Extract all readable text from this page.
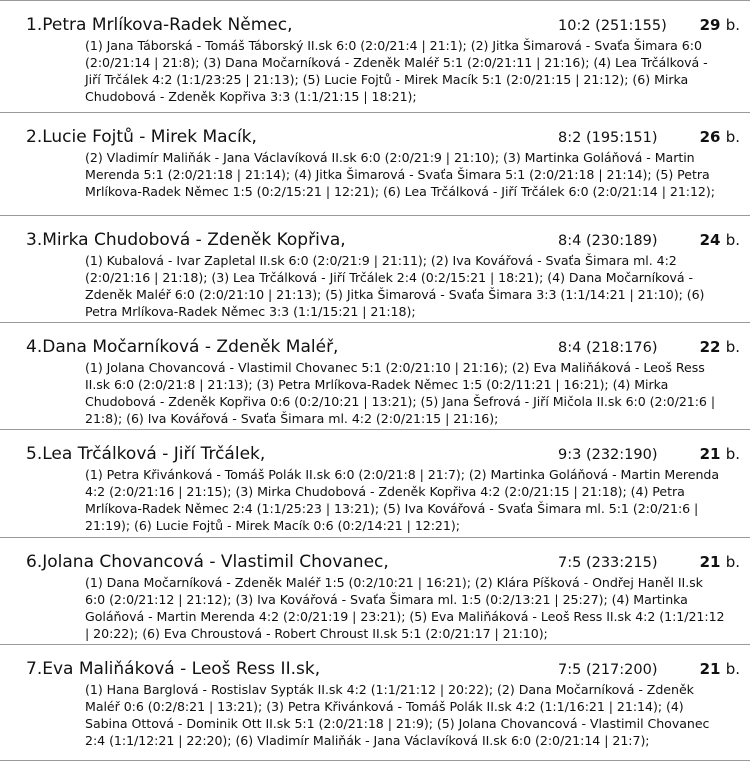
1. Petra Mrlíkova-Radek Němec,	10:2 (251:155)	29 b.
(1) Jana Táborská - Tomáš Táborský II.sk 6:0 (2:0/21:4 | 21:1); (2) Jitka Šimarová - Svaťa Šimara 6:0 (2:0/21:14 | 21:8); (3) Dana Močarníková - Zdeněk Maléř 5:1 (2:0/21:11 | 21:16); (4) Lea Trčálková - Jiří Trčálek 4:2 (1:1/23:25 | 21:13); (5) Lucie Fojtů - Mirek Macík 5:1 (2:0/21:15 | 21:12); (6) Mirka Chudobová - Zdeněk Kopřiva 3:3 (1:1/21:15 | 18:21);
2. Lucie Fojtů - Mirek Macík,	8:2 (195:151)	26 b.
(2) Vladimír Maliňák - Jana Václavíková II.sk 6:0 (2:0/21:9 | 21:10); (3) Martinka Goláňová - Martin Merenda 5:1 (2:0/21:18 | 21:14); (4) Jitka Šimarová - Svaťa Šimara 5:1 (2:0/21:18 | 21:14); (5) Petra Mrlíkova-Radek Němec 1:5 (0:2/15:21 | 12:21); (6) Lea Trčálková - Jiří Trčálek 6:0 (2:0/21:14 | 21:12);
3. Mirka Chudobová - Zdeněk Kopřiva,	8:4 (230:189)	24 b.
(1) Kubalová - Ivar Zapletal II.sk 6:0 (2:0/21:9 | 21:11); (2) Iva Kovářová - Svaťa Šimara ml. 4:2 (2:0/21:16 | 21:18); (3) Lea Trčálková - Jiří Trčálek 2:4 (0:2/15:21 | 18:21); (4) Dana Močarníková - Zdeněk Maléř 6:0 (2:0/21:10 | 21:13); (5) Jitka Šimarová - Svaťa Šimara 3:3 (1:1/14:21 | 21:10); (6) Petra Mrlíkova-Radek Němec 3:3 (1:1/15:21 | 21:18);
4. Dana Močarníková - Zdeněk Maléř,	8:4 (218:176)	22 b.
(1) Jolana Chovancová - Vlastimil Chovanec 5:1 (2:0/21:10 | 21:16); (2) Eva Maliňáková - Leoš Ress II.sk 6:0 (2:0/21:8 | 21:13); (3) Petra Mrlíkova-Radek Němec 1:5 (0:2/11:21 | 16:21); (4) Mirka Chudobová - Zdeněk Kopřiva 0:6 (0:2/10:21 | 13:21); (5) Jana Šefrová - Jiří Mičola II.sk 6:0 (2:0/21:6 | 21:8); (6) Iva Kovářová - Svaťa Šimara ml. 4:2 (2:0/21:15 | 21:16);
5. Lea Trčálková - Jiří Trčálek,	9:3 (232:190)	21 b.
(1) Petra Křivánková - Tomáš Polák II.sk 6:0 (2:0/21:8 | 21:7); (2) Martinka Goláňová - Martin Merenda 4:2 (2:0/21:16 | 21:15); (3) Mirka Chudobová - Zdeněk Kopřiva 4:2 (2:0/21:15 | 21:18); (4) Petra Mrlíkova-Radek Němec 2:4 (1:1/25:23 | 13:21); (5) Iva Kovářová - Svaťa Šimara ml. 5:1 (2:0/21:6 | 21:19); (6) Lucie Fojtů - Mirek Macík 0:6 (0:2/14:21 | 12:21);
6. Jolana Chovancová - Vlastimil Chovanec,	7:5 (233:215)	21 b.
(1) Dana Močarníková - Zdeněk Maléř 1:5 (0:2/10:21 | 16:21); (2) Klára Píšková - Ondřej Haněl II.sk 6:0 (2:0/21:12 | 21:12); (3) Iva Kovářová - Svaťa Šimara ml. 1:5 (0:2/13:21 | 25:27); (4) Martinka Goláňová - Martin Merenda 4:2 (2:0/21:19 | 23:21); (5) Eva Maliňáková - Leoš Ress II.sk 4:2 (1:1/21:12 | 20:22); (6) Eva Chroustová - Robert Chroust II.sk 5:1 (2:0/21:17 | 21:10);
7. Eva Maliňáková - Leoš Ress II.sk,	7:5 (217:200)	21 b.
(1) Hana Barglová - Rostislav Sypták II.sk 4:2 (1:1/21:12 | 20:22); (2) Dana Močarníková - Zdeněk Maléř 0:6 (0:2/8:21 | 13:21); (3) Petra Křivánková - Tomáš Polák II.sk 4:2 (1:1/16:21 | 21:14); (4) Sabina Ottová - Dominik Ott II.sk 5:1 (2:0/21:18 | 21:9); (5) Jolana Chovancová - Vlastimil Chovanec 2:4 (1:1/12:21 | 22:20); (6) Vladimír Maliňák - Jana Václavíková II.sk 6:0 (2:0/21:14 | 21:7);
